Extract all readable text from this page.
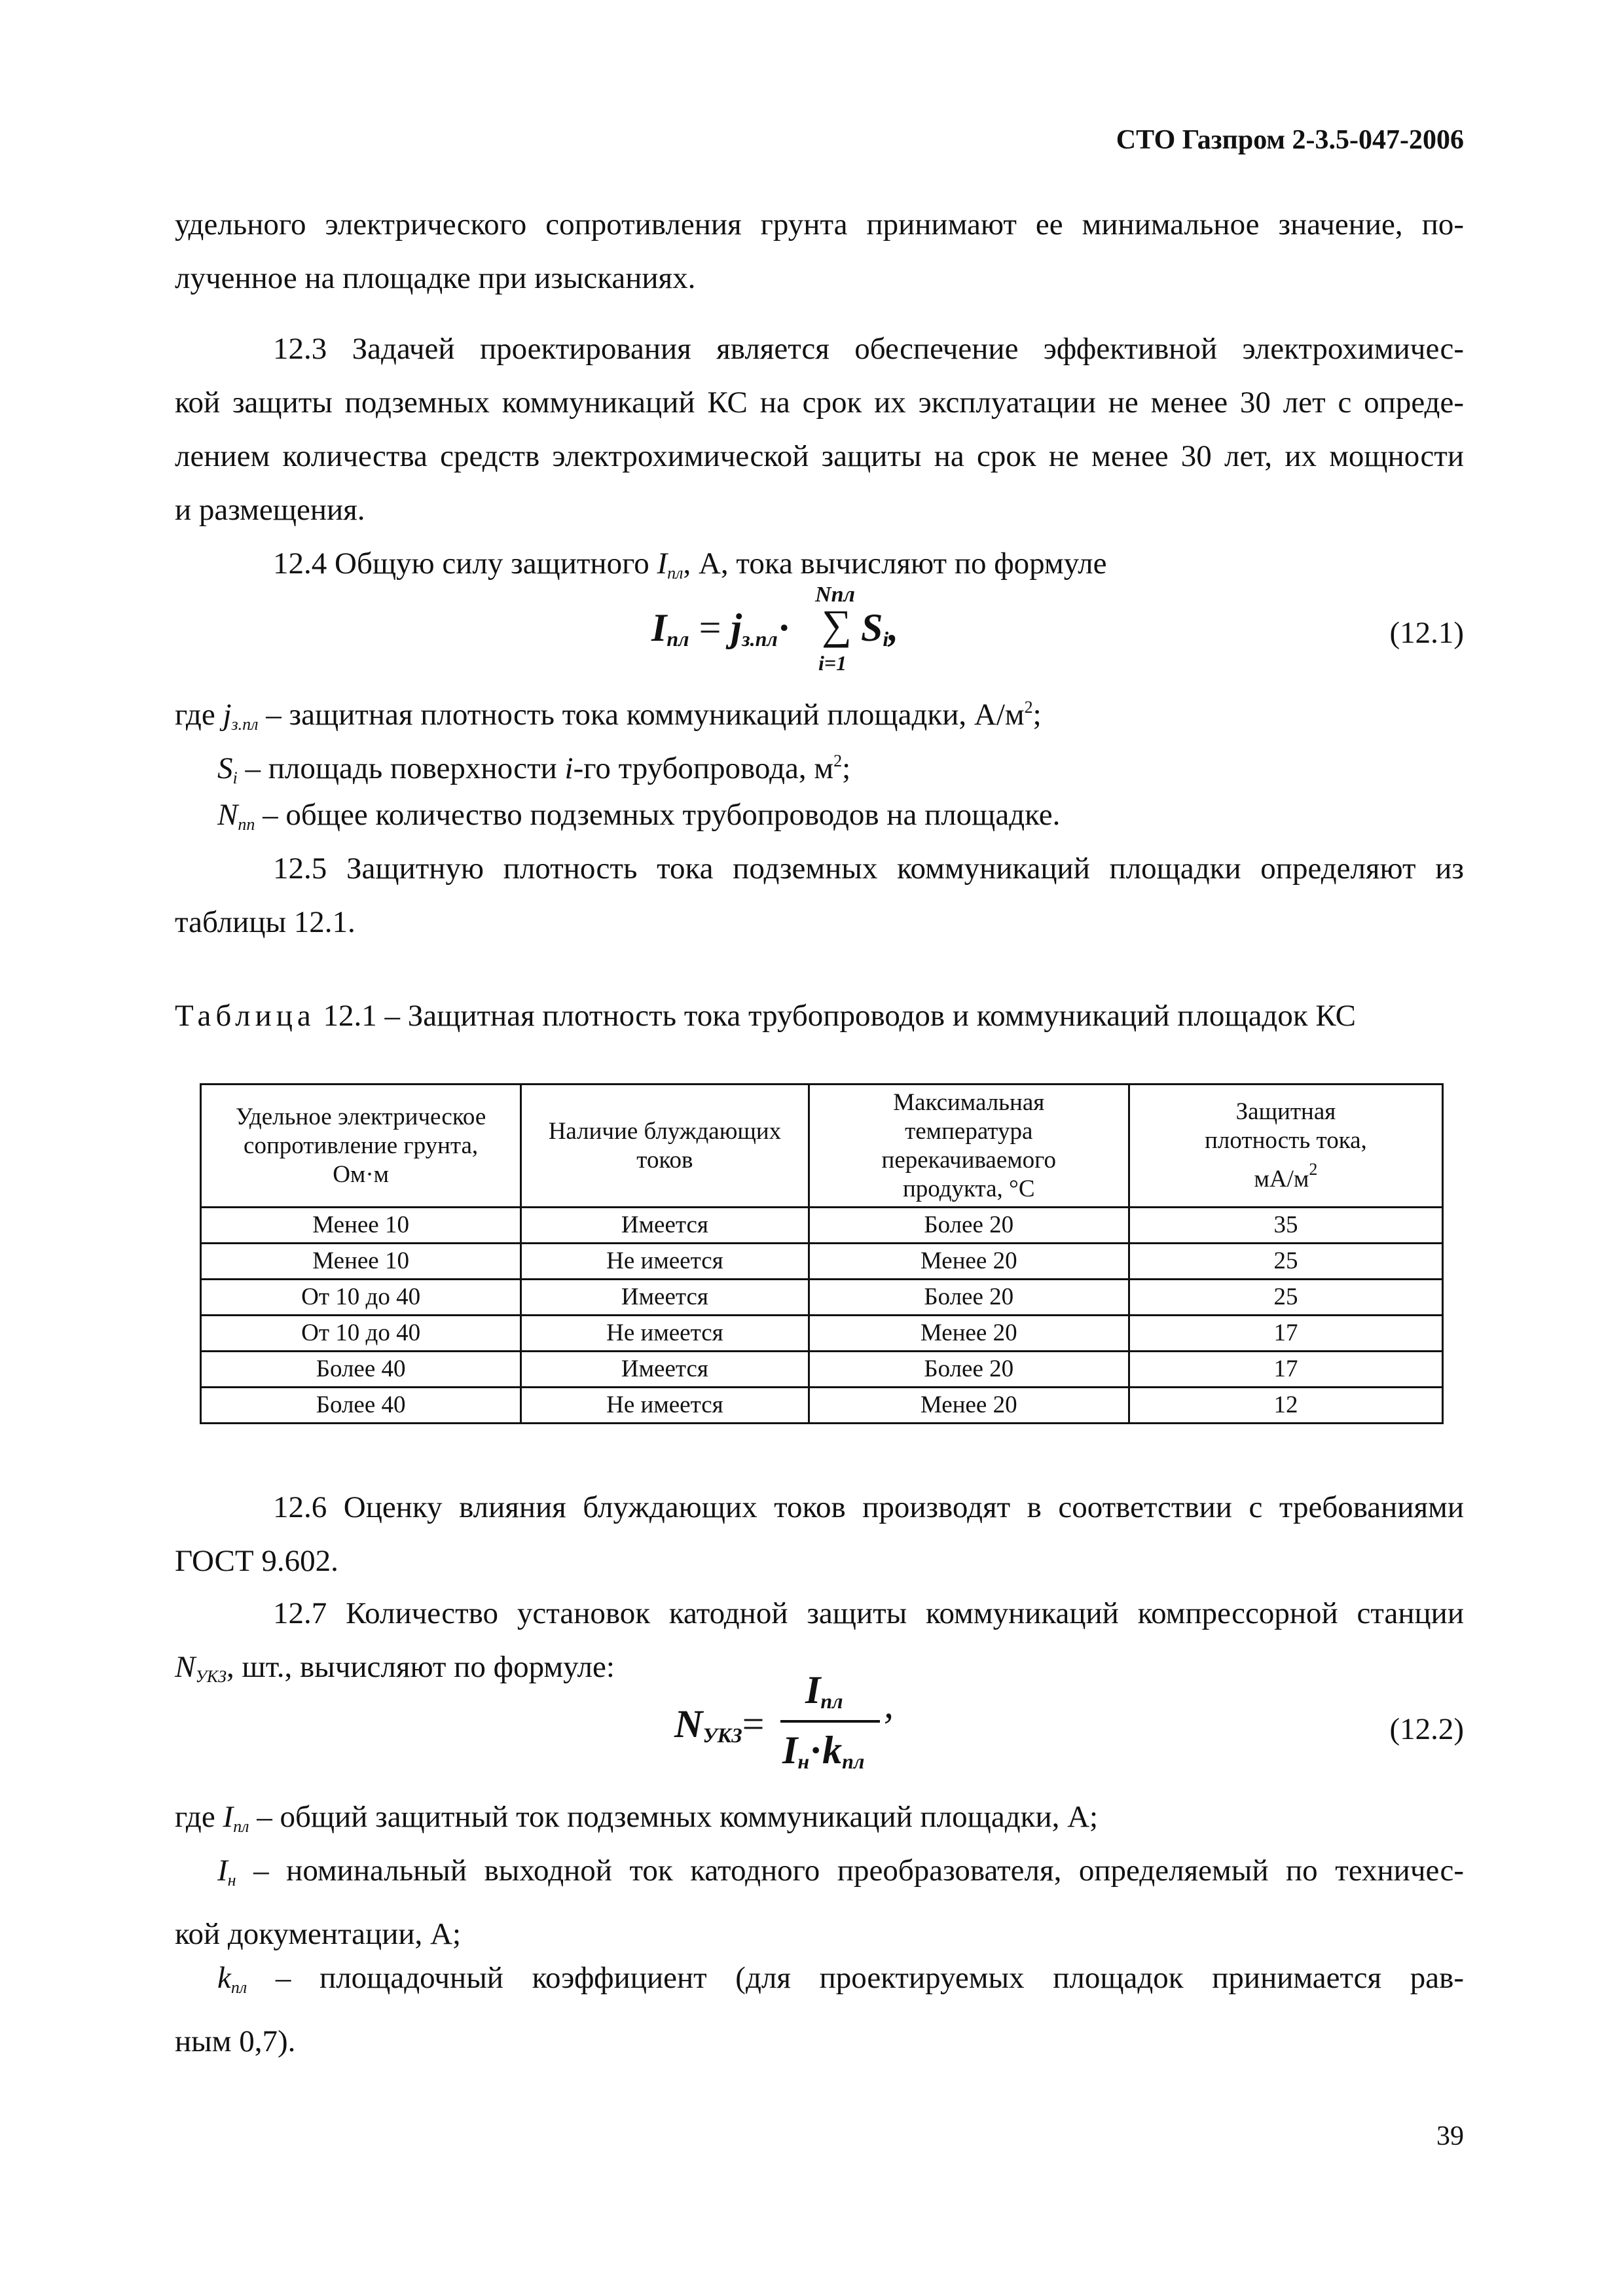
СТО Газпром 2-3.5-047-2006
удельного электрического сопротивления грунта принимают ее минимальное значение, по-
лученное на площадке при изысканиях.
12.3 Задачей проектирования является обеспечение эффективной электрохимичес-
кой защиты подземных коммуникаций КС на срок их эксплуатации не менее 30 лет с опреде-
лением количества средств электрохимической защиты на срок не менее 30 лет, их мощности
и размещения.
12.4 Общую силу защитного $I_{пл}$, А, тока вычисляют по формуле
$I_{пл} = j_{з.пл}\cdot$
Nпл
∑
i=1
$S_i$,	(12.1)
где $j_{з.пл}$ – защитная плотность тока коммуникаций площадки, $А/м^2$;
$S_i$ – площадь поверхности i-го трубопровода, $м^2$;
$N_{пп}$ – общее количество подземных трубопроводов на площадке.
12.5 Защитную плотность тока подземных коммуникаций площадки определяют из
таблицы 12.1.
Таблица 12.1 – Защитная плотность тока трубопроводов и коммуникаций площадок КС
Удельное электрическое
сопротивление грунта,
Ом·м	Наличие блуждающих
токов	Максимальная
температура
перекачиваемого
продукта, °С	Защитная
плотность тока,
$мА/м^2$
Менее 10	Имеется	Более 20	35
Менее 10	Не имеется	Менее 20	25
От 10 до 40	Имеется	Более 20	25
От 10 до 40	Не имеется	Менее 20	17
Более 40	Имеется	Более 20	17
Более 40	Не имеется	Менее 20	12
12.6 Оценку влияния блуждающих токов производят в соответствии с требованиями
ГОСТ 9.602.
12.7 Количество установок катодной защиты коммуникаций компрессорной станции
$N_{УКЗ}$, шт., вычисляют по формуле:
$N_{УКЗ}=$
$I_{пл}$
$I_н\cdot k_{пл}$
,
(12.2)
где $I_{пл}$ – общий защитный ток подземных коммуникаций площадки, А;
$I_н$ – номинальный выходной ток катодного преобразователя, определяемый по техничес-
кой документации, А;
$k_{пл}$ – площадочный коэффициент (для проектируемых площадок принимается рав-
ным 0,7).
39
